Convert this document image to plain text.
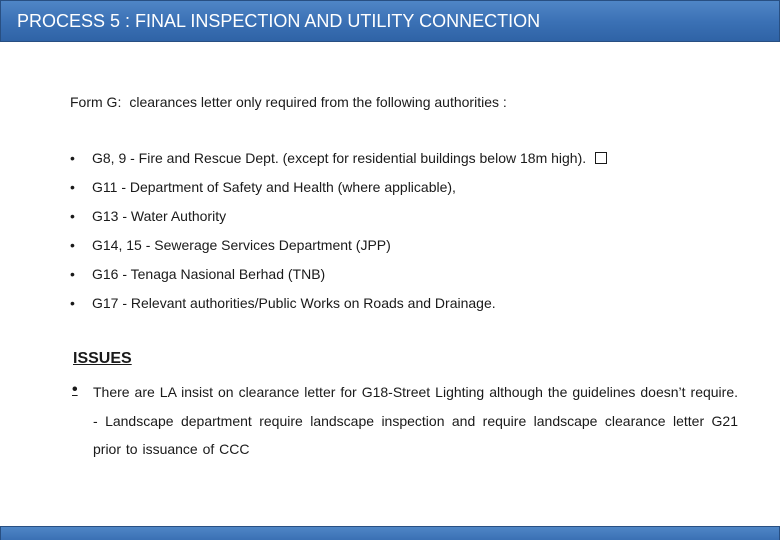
PROCESS 5 : FINAL INSPECTION AND UTILITY CONNECTION
Form G: clearances letter only required from the following authorities :
•	G8, 9 - Fire and Rescue Dept. (except for residential buildings below 18m high).
•	G11 - Department of Safety and Health (where applicable),
•	G13 - Water Authority
•	G14, 15 - Sewerage Services Department (JPP)
•	G16 - Tenaga Nasional Berhad (TNB)
•	G17 - Relevant authorities/Public Works on Roads and Drainage.
ISSUES
• There are LA insist on clearance letter for G18-Street Lighting although the guidelines doesn’t require. - Landscape department require landscape inspection and require landscape clearance letter G21 prior to issuance of CCC
